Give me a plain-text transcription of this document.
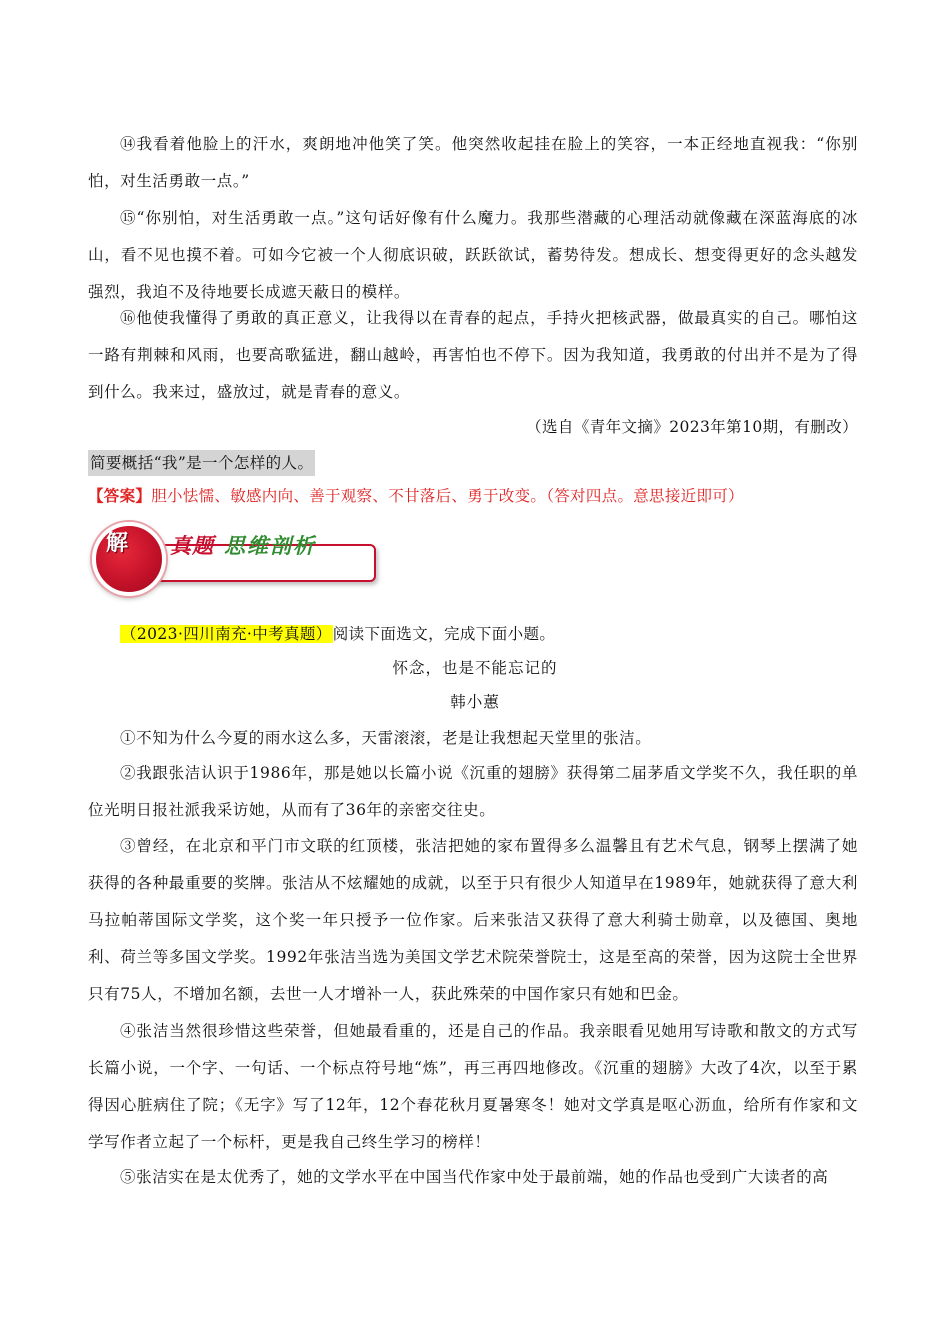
⑭我看着他脸上的汗水，爽朗地冲他笑了笑。他突然收起挂在脸上的笑容，一本正经地直视我：“你别怕，对生活勇敢一点。”

⑮“你别怕，对生活勇敢一点。”这句话好像有什么魔力。我那些潜藏的心理活动就像藏在深蓝海底的冰山，看不见也摸不着。可如今它被一个人彻底识破，跃跃欲试，蓄势待发。想成长、想变得更好的念头越发强烈，我迫不及待地要长成遮天蔽日的模样。

⑯他使我懂得了勇敢的真正意义，让我得以在青春的起点，手持火把核武器，做最真实的自己。哪怕这一路有荆棘和风雨，也要高歌猛进，翻山越岭，再害怕也不停下。因为我知道，我勇敢的付出并不是为了得到什么。我来过，盛放过，就是青春的意义。

（选自《青年文摘》2023年第10期，有删改）
简要概括“我”是一个怎样的人。
【答案】胆小怯懦、敏感内向、善于观察、不甘落后、勇于改变。（答对四点。意思接近即可）
解 真题 思维剖析
（2023·四川南充·中考真题）阅读下面选文，完成下面小题。
怀念，也是不能忘记的
韩小蕙

①不知为什么今夏的雨水这么多，天雷滚滚，老是让我想起天堂里的张洁。

②我跟张洁认识于1986年，那是她以长篇小说《沉重的翅膀》获得第二届茅盾文学奖不久，我任职的单位光明日报社派我采访她，从而有了36年的亲密交往史。

③曾经，在北京和平门市文联的红顶楼，张洁把她的家布置得多么温馨且有艺术气息，钢琴上摆满了她获得的各种最重要的奖牌。张洁从不炫耀她的成就，以至于只有很少人知道早在1989年，她就获得了意大利马拉帕蒂国际文学奖，这个奖一年只授予一位作家。后来张洁又获得了意大利骑士勋章，以及德国、奥地利、荷兰等多国文学奖。1992年张洁当选为美国文学艺术院荣誉院士，这是至高的荣誉，因为这院士全世界只有75人，不增加名额，去世一人才增补一人，获此殊荣的中国作家只有她和巴金。

④张洁当然很珍惜这些荣誉，但她最看重的，还是自己的作品。我亲眼看见她用写诗歌和散文的方式写长篇小说，一个字、一句话、一个标点符号地“炼”，再三再四地修改。《沉重的翅膀》大改了4次，以至于累得因心脏病住了院；《无字》写了12年，12个春花秋月夏暑寒冬！她对文学真是呕心沥血，给所有作家和文学写作者立起了一个标杆，更是我自己终生学习的榜样！

⑤张洁实在是太优秀了，她的文学水平在中国当代作家中处于最前端，她的作品也受到广大读者的高
